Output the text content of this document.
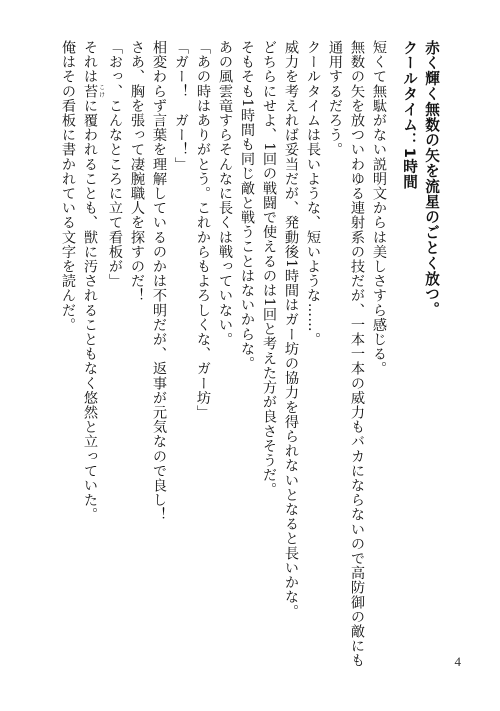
赤く輝く無数の矢を流星のごとく放つ。
クールタイム：1時間
短くて無駄がない説明文からは美しさすら感じる。
無数の矢を放ついわゆる連射系の技だが、一本一本の威力もバカにならないので高防御の敵にも
通用するだろう。
クールタイムは長いような、短いような……。
威力を考えれば妥当だが、発動後1時間はガー坊の協力を得られないとなると長いかな。
どちらにせよ、1回の戦闘で使えるのは1回と考えた方が良さそうだ。
そもそも1時間も同じ敵と戦うことはないからな。
あの風雲竜すらそんなに長くは戦っていない。
「あの時はありがとう。これからもよろしくな、ガー坊」
「ガー！　ガー！」
相変わらず言葉を理解しているのかは不明だが、返事が元気なので良し！
さあ、胸を張って凄腕職人を探すのだ！
「おっ、こんなところに立て看板が」
それは苔 こけに覆われることも、獣に汚されることもなく悠然と立っていた。
俺はその看板に書かれている文字を読んだ。
4
